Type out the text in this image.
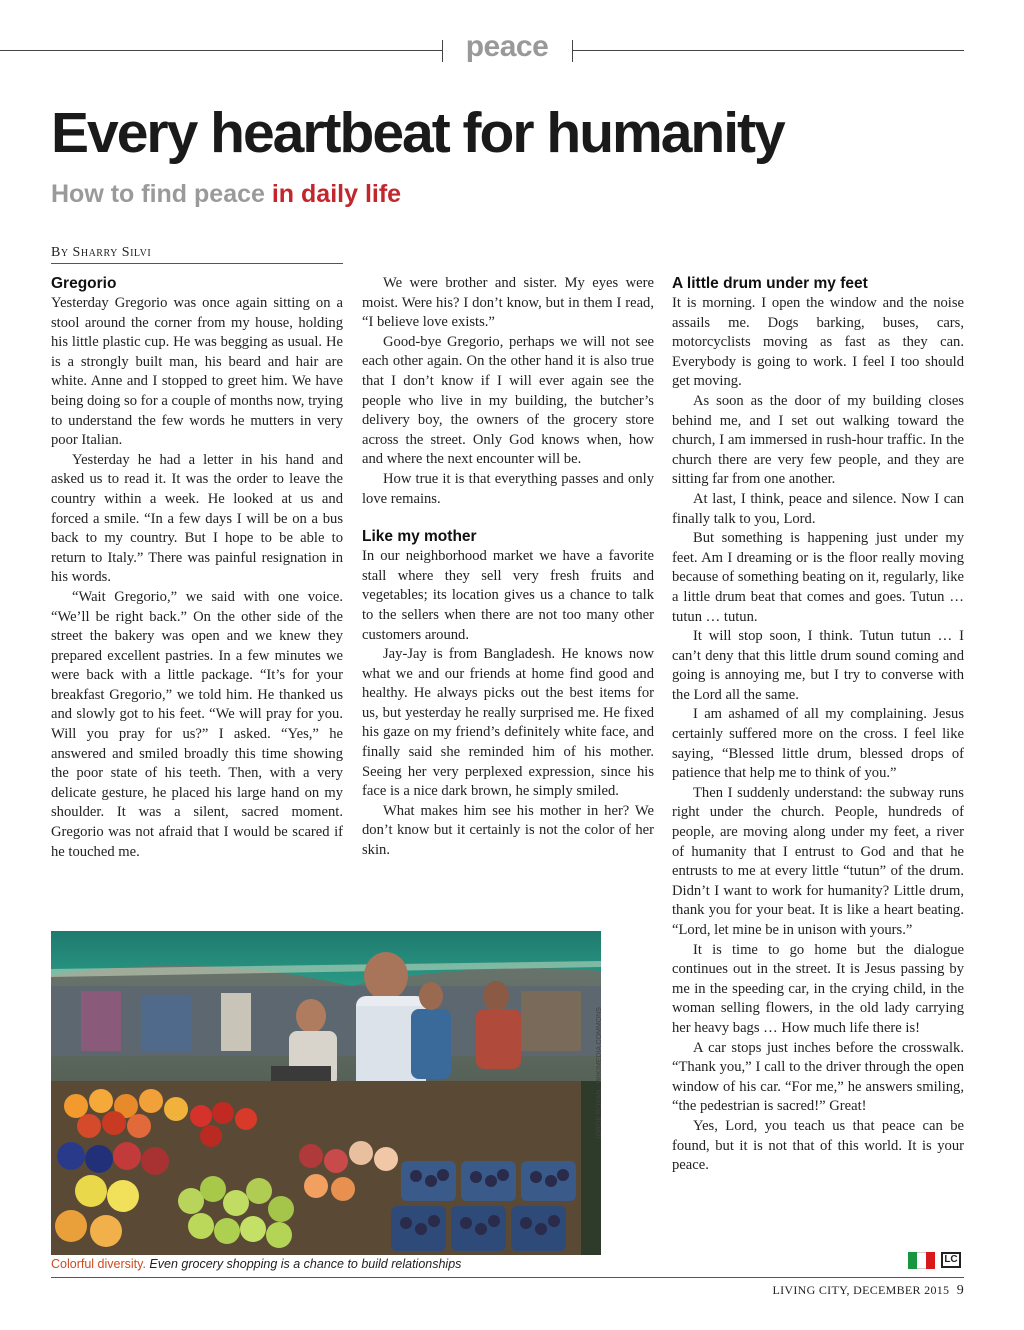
peace
Every heartbeat for humanity
How to find peace in daily life
By Sharry Silvi
Gregorio

Yesterday Gregorio was once again sitting on a stool around the corner from my house, holding his little plastic cup. He was begging as usual. He is a strongly built man, his beard and hair are white. Anne and I stopped to greet him. We have being doing so for a couple of months now, trying to understand the few words he mutters in very poor Italian.

Yesterday he had a letter in his hand and asked us to read it. It was the order to leave the country within a week. He looked at us and forced a smile. “In a few days I will be on a bus back to my country. But I hope to be able to return to Italy.” There was painful resignation in his words.

“Wait Gregorio,” we said with one voice. “We’ll be right back.” On the other side of the street the bakery was open and we knew they prepared excellent pastries. In a few minutes we were back with a little package. “It’s for your breakfast Gregorio,” we told him. He thanked us and slowly got to his feet. “We will pray for you. Will you pray for us?” I asked. “Yes,” he answered and smiled broadly this time showing the poor state of his teeth. Then, with a very delicate gesture, he placed his large hand on my shoulder. It was a silent, sacred moment. Gregorio was not afraid that I would be scared if he touched me.

We were brother and sister. My eyes were moist. Were his? I don’t know, but in them I read, “I believe love exists.”

Good-bye Gregorio, perhaps we will not see each other again. On the other hand it is also true that I don’t know if I will ever again see the people who live in my building, the butcher’s delivery boy, the owners of the grocery store across the street. Only God knows when, how and where the next encounter will be.

How true it is that everything passes and only love remains.

Like my mother

In our neighborhood market we have a favorite stall where they sell very fresh fruits and vegetables; its location gives us a chance to talk to the sellers when there are not too many other customers around.

Jay-Jay is from Bangladesh. He knows now what we and our friends at home find good and healthy. He always picks out the best items for us, but yesterday he really surprised me. He fixed his gaze on my friend’s definitely white face, and finally said she reminded him of his mother. Seeing her very perplexed expression, since his face is a nice dark brown, he simply smiled.

What makes him see his mother in her? We don’t know but it certainly is not the color of her skin.

A little drum under my feet

It is morning. I open the window and the noise assails me. Dogs barking, buses, cars, motorcyclists moving as fast as they can. Everybody is going to work. I feel I too should get moving.

As soon as the door of my building closes behind me, and I set out walking toward the church, I am immersed in rush-hour traffic. In the church there are very few people, and they are sitting far from one another.

At last, I think, peace and silence. Now I can finally talk to you, Lord.

But something is happening just under my feet. Am I dreaming or is the floor really moving because of something beating on it, regularly, like a little drum beat that comes and goes. Tutun … tutun … tutun.

It will stop soon, I think. Tutun tutun … I can’t deny that this little drum sound coming and going is annoying me, but I try to converse with the Lord all the same.

I am ashamed of all my complaining. Jesus certainly suffered more on the cross. I feel like saying, “Blessed little drum, blessed drops of patience that help me to think of you.”

Then I suddenly understand: the subway runs right under the church. People, hundreds of people, are moving along under my feet, a river of humanity that I entrust to God and that he entrusts to me at every little “tutun” of the drum. Didn’t I want to work for humanity? Little drum, thank you for your beat. It is like a heart beating. “Lord, let mine be in unison with yours.”

It is time to go home but the dialogue continues out in the street. It is Jesus passing by me in the speeding car, in the crying child, in the woman selling flowers, in the old lady carrying her heavy bags … How much life there is!

A car stops just inches before the crosswalk. “Thank you,” I call to the driver through the open window of his car. “For me,” he answers smiling, “the pedestrian is sacred!” Great!

Yes, Lord, you teach us that peace can be found, but it is not that of this world. It is your peace.

JORGE ROYAN - WIKIMEDIA COMMONS
Colorful diversity. Even grocery shopping is a chance to build relationships	LC
LIVING CITY, DECEMBER 2015 9
